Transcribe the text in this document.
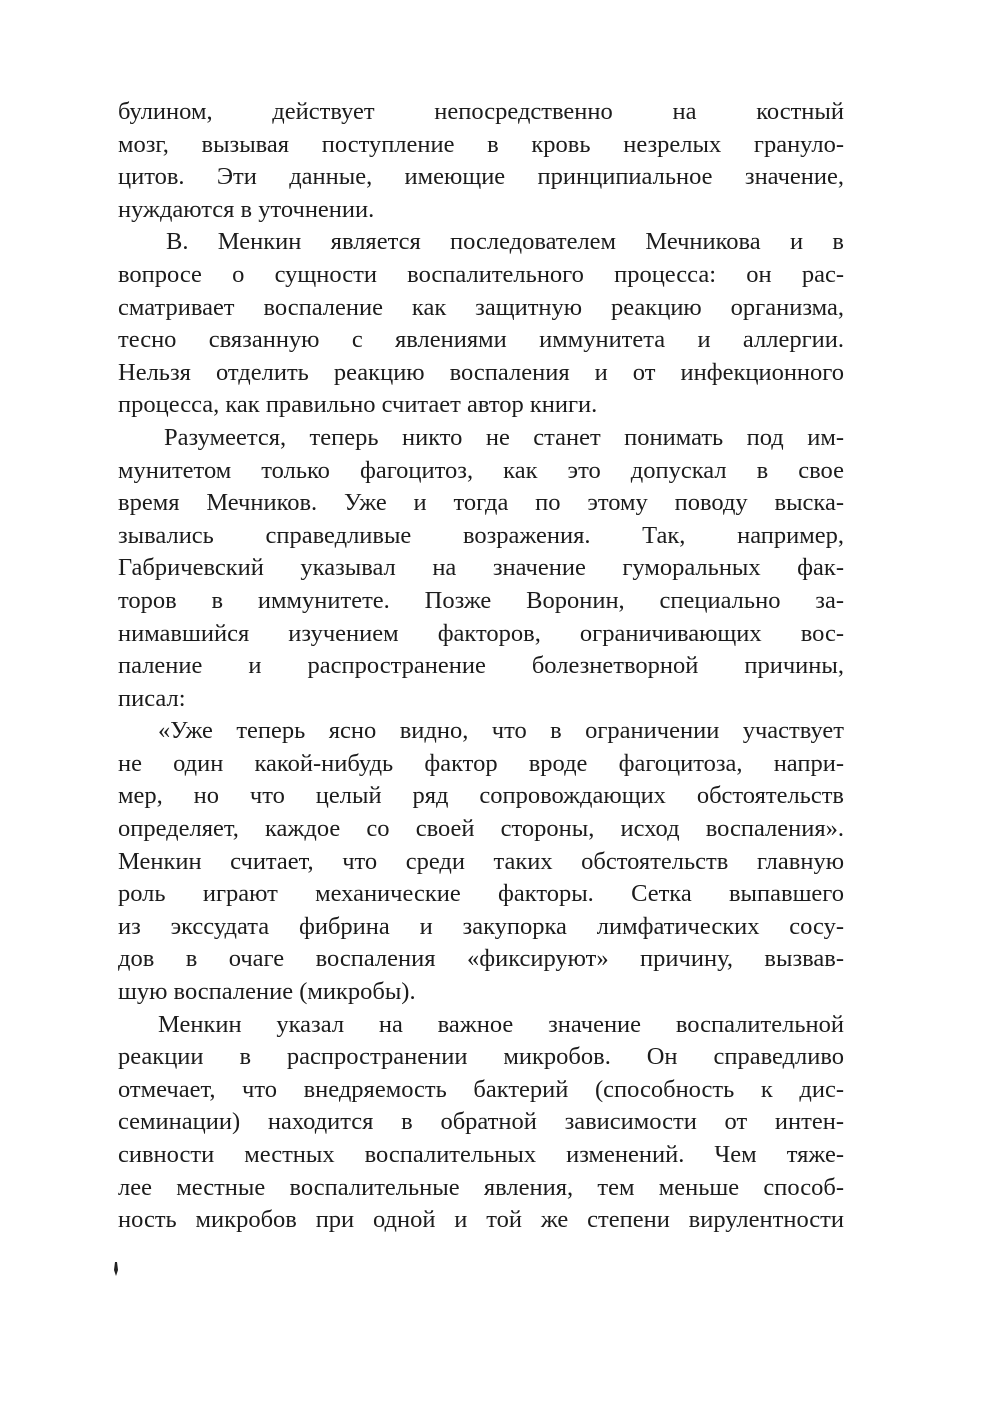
булином, действует непосредственно на костный
мозг, вызывая поступление в кровь незрелых грануло-
цитов. Эти данные, имеющие принципиальное значение,
нуждаются в уточнении.
В. Менкин является последователем Мечникова и в
вопросе о сущности воспалительного процесса: он рас-
сматривает воспаление как защитную реакцию организма,
тесно связанную с явлениями иммунитета и аллергии.
Нельзя отделить реакцию воспаления и от инфекционного
процесса, как правильно считает автор книги.
Разумеется, теперь никто не станет понимать под им-
мунитетом только фагоцитоз, как это допускал в свое
время Мечников. Уже и тогда по этому поводу выска-
зывались справедливые возражения. Так, например,
Габричевский указывал на значение гуморальных фак-
торов в иммунитете. Позже Воронин, специально за-
нимавшийся изучением факторов, ограничивающих вос-
паление и распространение болезнетворной причины,
писал:
«Уже теперь ясно видно, что в ограничении участвует
не один какой-нибудь фактор вроде фагоцитоза, напри-
мер, но что целый ряд сопровождающих обстоятельств
определяет, каждое со своей стороны, исход воспаления».
Менкин считает, что среди таких обстоятельств главную
роль играют механические факторы. Сетка выпавшего
из экссудата фибрина и закупорка лимфатических сосу-
дов в очаге воспаления «фиксируют» причину, вызвав-
шую воспаление (микробы).
Менкин указал на важное значение воспалительной
реакции в распространении микробов. Он справедливо
отмечает, что внедряемость бактерий (способность к дис-
семинации) находится в обратной зависимости от интен-
сивности местных воспалительных изменений. Чем тяже-
лее местные воспалительные явления, тем меньше способ-
ность микробов при одной и той же степени вирулентности
